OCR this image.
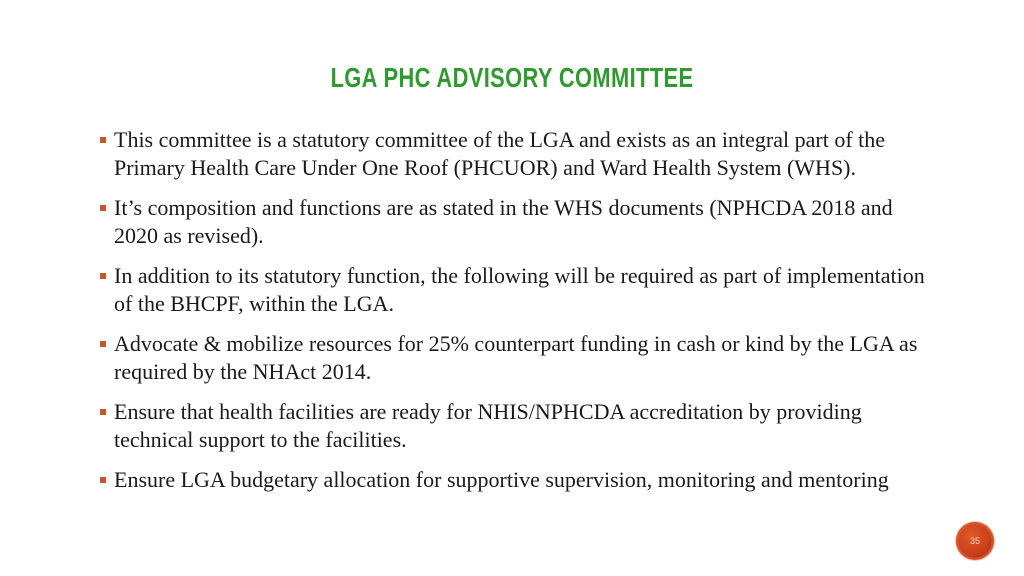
LGA PHC ADVISORY COMMITTEE
This committee is a statutory committee of the LGA and exists as an integral part of the Primary Health Care Under One Roof (PHCUOR) and Ward Health System (WHS).
It’s composition and functions are as stated in the WHS documents (NPHCDA 2018 and 2020 as revised).
In addition to its statutory function, the following will be required as part of implementation of the BHCPF, within the LGA.
Advocate & mobilize resources for 25% counterpart funding in cash or kind by the LGA as required by the NHAct 2014.
Ensure that health facilities are ready for NHIS/NPHCDA accreditation by providing technical support to the facilities.
Ensure LGA budgetary allocation for supportive supervision, monitoring and mentoring
35
